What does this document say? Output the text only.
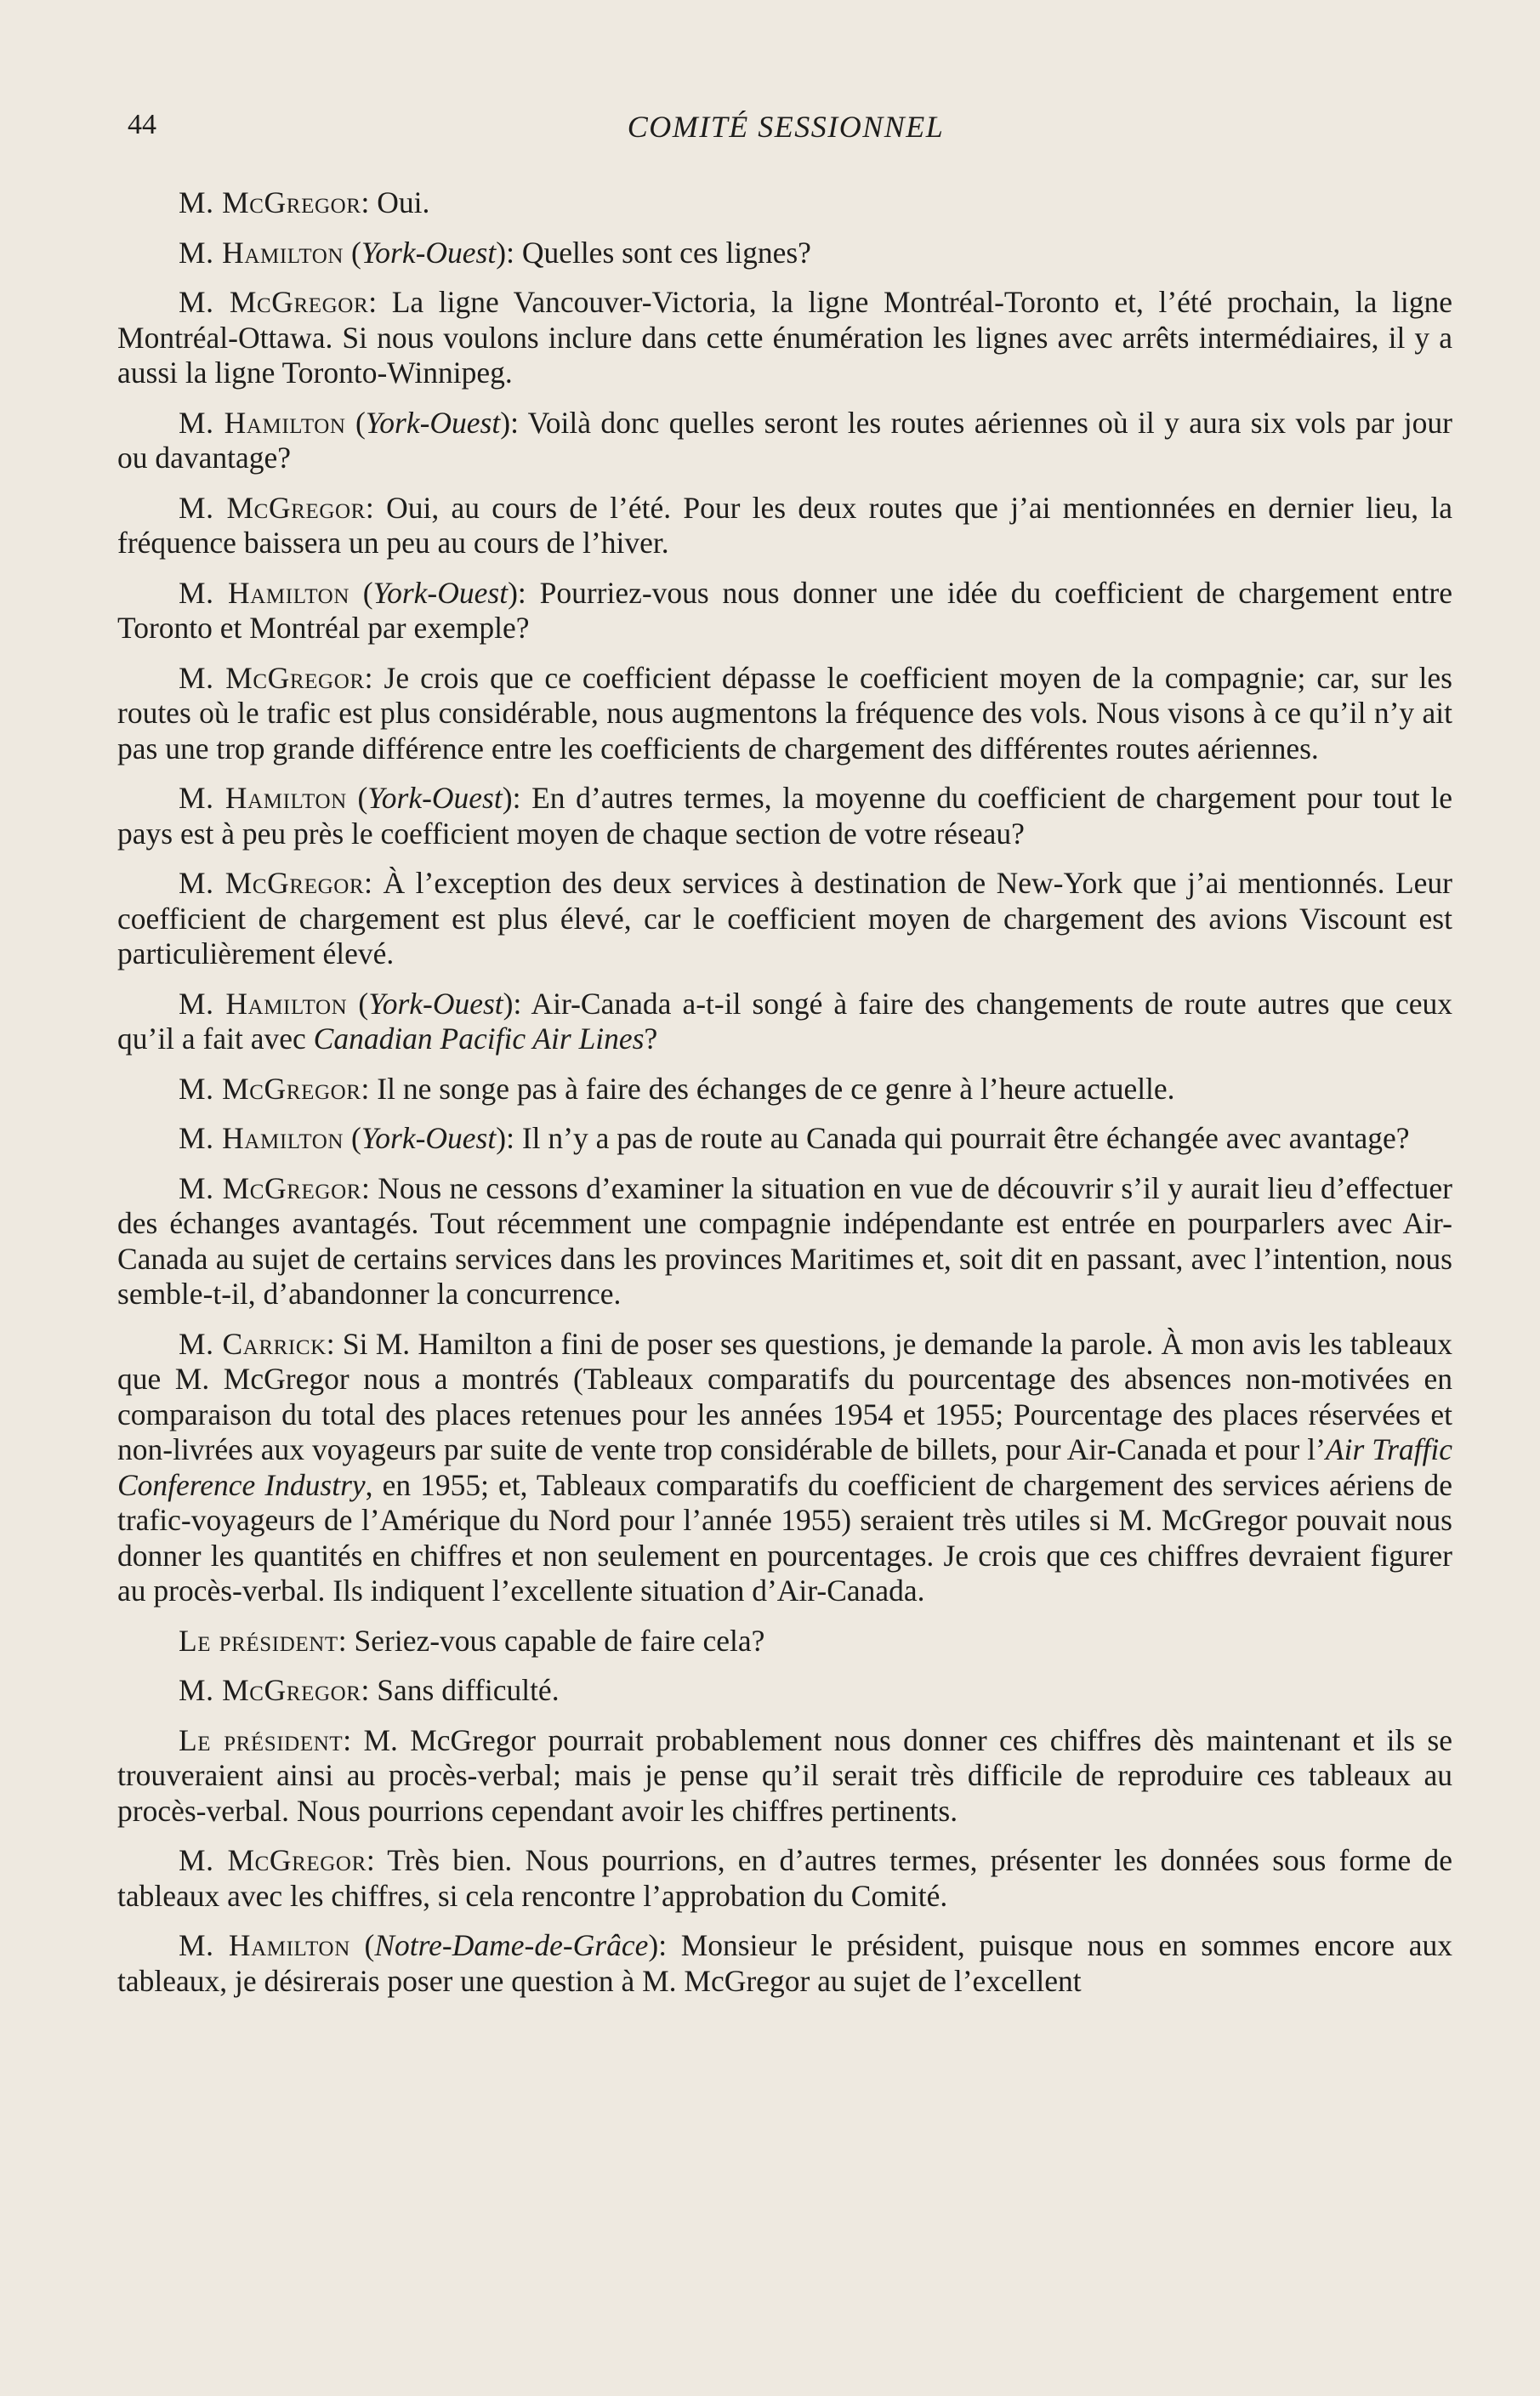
44	COMITÉ SESSIONNEL

M. McGregor: Oui.

M. Hamilton (York-Ouest): Quelles sont ces lignes?

M. McGregor: La ligne Vancouver-Victoria, la ligne Montréal-Toronto et, l’été prochain, la ligne Montréal-Ottawa. Si nous voulons inclure dans cette énumération les lignes avec arrêts intermédiaires, il y a aussi la ligne Toronto-Winnipeg.

M. Hamilton (York-Ouest): Voilà donc quelles seront les routes aériennes où il y aura six vols par jour ou davantage?

M. McGregor: Oui, au cours de l’été. Pour les deux routes que j’ai mentionnées en dernier lieu, la fréquence baissera un peu au cours de l’hiver.

M. Hamilton (York-Ouest): Pourriez-vous nous donner une idée du coefficient de chargement entre Toronto et Montréal par exemple?

M. McGregor: Je crois que ce coefficient dépasse le coefficient moyen de la compagnie; car, sur les routes où le trafic est plus considérable, nous augmentons la fréquence des vols. Nous visons à ce qu’il n’y ait pas une trop grande différence entre les coefficients de chargement des différentes routes aériennes.

M. Hamilton (York-Ouest): En d’autres termes, la moyenne du coefficient de chargement pour tout le pays est à peu près le coefficient moyen de chaque section de votre réseau?

M. McGregor: À l’exception des deux services à destination de New-York que j’ai mentionnés. Leur coefficient de chargement est plus élevé, car le coefficient moyen de chargement des avions Viscount est particulièrement élevé.

M. Hamilton (York-Ouest): Air-Canada a-t-il songé à faire des changements de route autres que ceux qu’il a fait avec Canadian Pacific Air Lines?

M. McGregor: Il ne songe pas à faire des échanges de ce genre à l’heure actuelle.

M. Hamilton (York-Ouest): Il n’y a pas de route au Canada qui pourrait être échangée avec avantage?

M. McGregor: Nous ne cessons d’examiner la situation en vue de découvrir s’il y aurait lieu d’effectuer des échanges avantagés. Tout récemment une compagnie indépendante est entrée en pourparlers avec Air-Canada au sujet de certains services dans les provinces Maritimes et, soit dit en passant, avec l’intention, nous semble-t-il, d’abandonner la concurrence.

M. Carrick: Si M. Hamilton a fini de poser ses questions, je demande la parole. À mon avis les tableaux que M. McGregor nous a montrés (Tableaux comparatifs du pourcentage des absences non-motivées en comparaison du total des places retenues pour les années 1954 et 1955; Pourcentage des places réservées et non-livrées aux voyageurs par suite de vente trop considérable de billets, pour Air-Canada et pour l’Air Traffic Conference Industry, en 1955; et, Tableaux comparatifs du coefficient de chargement des services aériens de trafic-voyageurs de l’Amérique du Nord pour l’année 1955) seraient très utiles si M. McGregor pouvait nous donner les quantités en chiffres et non seulement en pourcentages. Je crois que ces chiffres devraient figurer au procès-verbal. Ils indiquent l’excellente situation d’Air-Canada.

Le président: Seriez-vous capable de faire cela?

M. McGregor: Sans difficulté.

Le président: M. McGregor pourrait probablement nous donner ces chiffres dès maintenant et ils se trouveraient ainsi au procès-verbal; mais je pense qu’il serait très difficile de reproduire ces tableaux au procès-verbal. Nous pourrions cependant avoir les chiffres pertinents.

M. McGregor: Très bien. Nous pourrions, en d’autres termes, présenter les données sous forme de tableaux avec les chiffres, si cela rencontre l’approbation du Comité.

M. Hamilton (Notre-Dame-de-Grâce): Monsieur le président, puisque nous en sommes encore aux tableaux, je désirerais poser une question à M. McGregor au sujet de l’excellent
